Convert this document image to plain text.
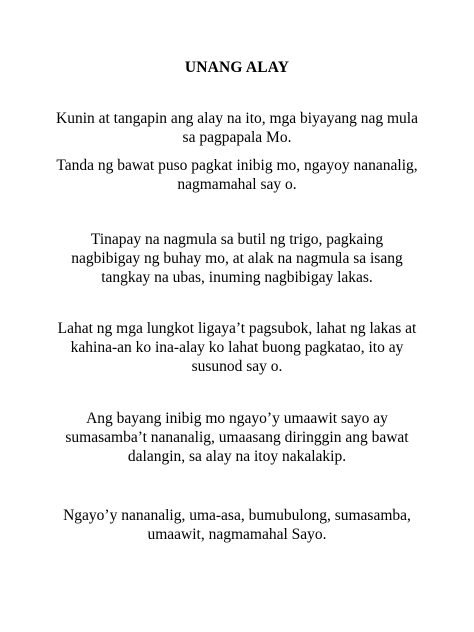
UNANG ALAY
Kunin at tangapin ang alay na ito, mga biyayang nag mula
sa pagpapala Mo.
Tanda ng bawat puso pagkat inibig mo, ngayoy nananalig,
nagmamahal say o.
Tinapay na nagmula sa butil ng trigo, pagkaing
nagbibigay ng buhay mo, at alak na nagmula sa isang
tangkay na ubas, inuming nagbibigay lakas.
Lahat ng mga lungkot ligaya’t pagsubok, lahat ng lakas at
kahina-an ko ina-alay ko lahat buong pagkatao, ito ay
susunod say o.
Ang bayang inibig mo ngayo’y umaawit sayo ay
sumasamba’t nananalig, umaasang diringgin ang bawat
dalangin, sa alay na itoy nakalakip.
Ngayo’y nananalig, uma-asa, bumubulong, sumasamba,
umaawit, nagmamahal Sayo.
